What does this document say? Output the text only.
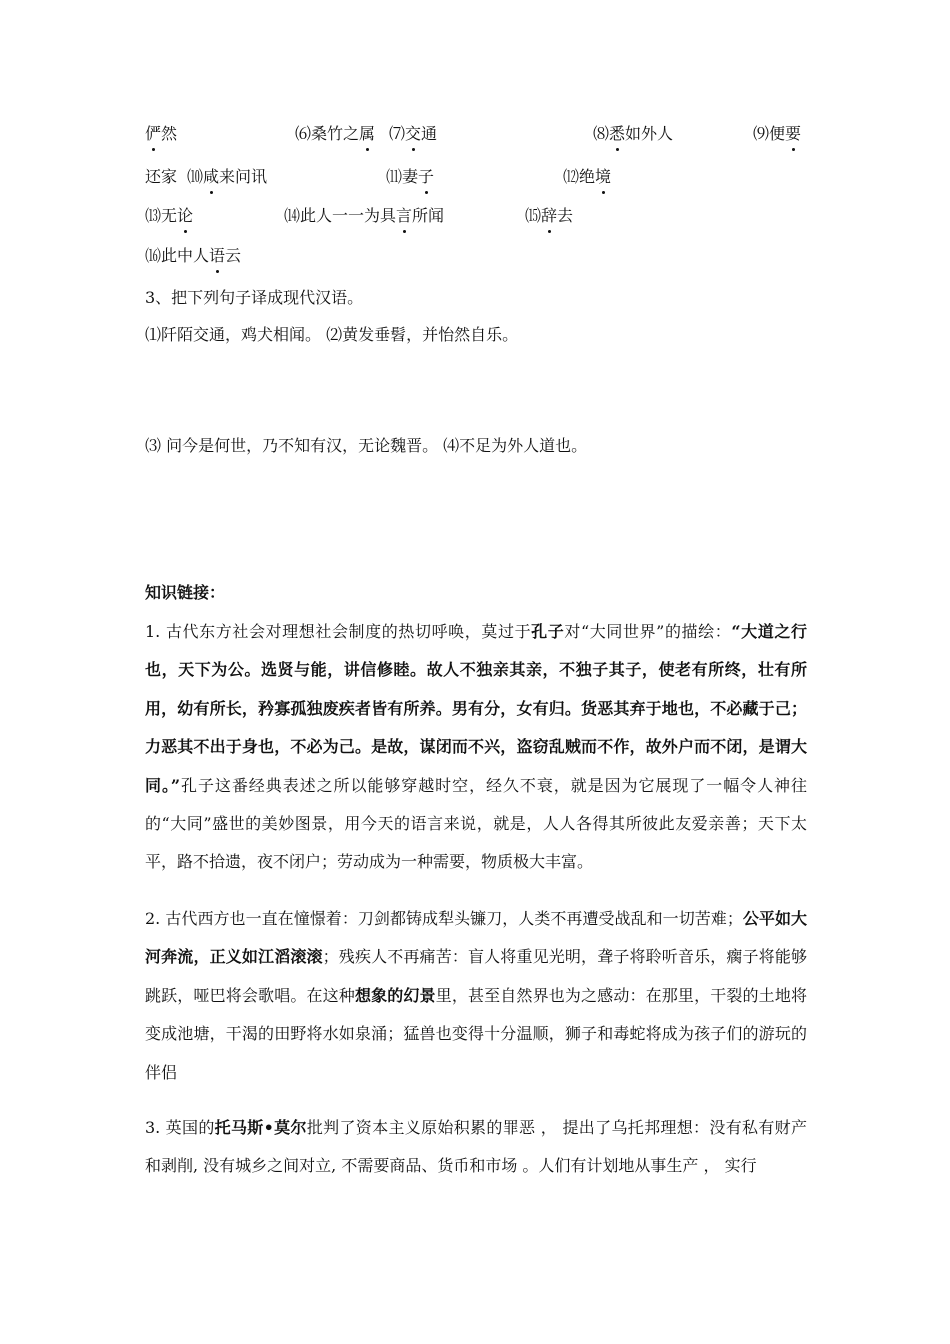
俨然	⑹桑竹之属 ⑺交通	⑻悉如外人	⑼便要
还家 ⑽咸来问讯	⑾妻子	⑿绝境
⒀无论	⒁此人一一为具言所闻	⒂辞去
⒃此中人语云
3、把下列句子译成现代汉语。
⑴阡陌交通，鸡犬相闻。 ⑵黄发垂髫，并怡然自乐。
⑶ 问今是何世，乃不知有汉，无论魏晋。 ⑷不足为外人道也。
知识链接：
1. 古代东方社会对理想社会制度的热切呼唤，莫过于孔子对“大同世界”的描绘：“大道之行也，天下为公。选贤与能，讲信修睦。故人不独亲其亲，不独子其子，使老有所终，壮有所用，幼有所长，矜寡孤独废疾者皆有所养。男有分，女有归。货恶其弃于地也，不必藏于己；力恶其不出于身也，不必为己。是故，谋闭而不兴，盗窃乱贼而不作，故外户而不闭，是谓大同。”孔子这番经典表述之所以能够穿越时空，经久不衰，就是因为它展现了一幅令人神往的“大同”盛世的美妙图景，用今天的语言来说，就是，人人各得其所彼此友爱亲善；天下太平，路不拾遗，夜不闭户；劳动成为一种需要，物质极大丰富。
2. 古代西方也一直在憧憬着：刀剑都铸成犁头镰刀，人类不再遭受战乱和一切苦难；公平如大河奔流，正义如江滔滚滚；残疾人不再痛苦：盲人将重见光明，聋子将聆听音乐，瘸子将能够跳跃，哑巴将会歌唱。在这种想象的幻景里，甚至自然界也为之感动：在那里，干裂的土地将变成池塘，干渴的田野将水如泉涌；猛兽也变得十分温顺，狮子和毒蛇将成为孩子们的游玩的伴侣
3. 英国的托马斯•莫尔批判了资本主义原始积累的罪恶 ， 提出了乌托邦理想：没有私有财产和剥削, 没有城乡之间对立, 不需要商品、货币和市场 。人们有计划地从事生产 ， 实行
